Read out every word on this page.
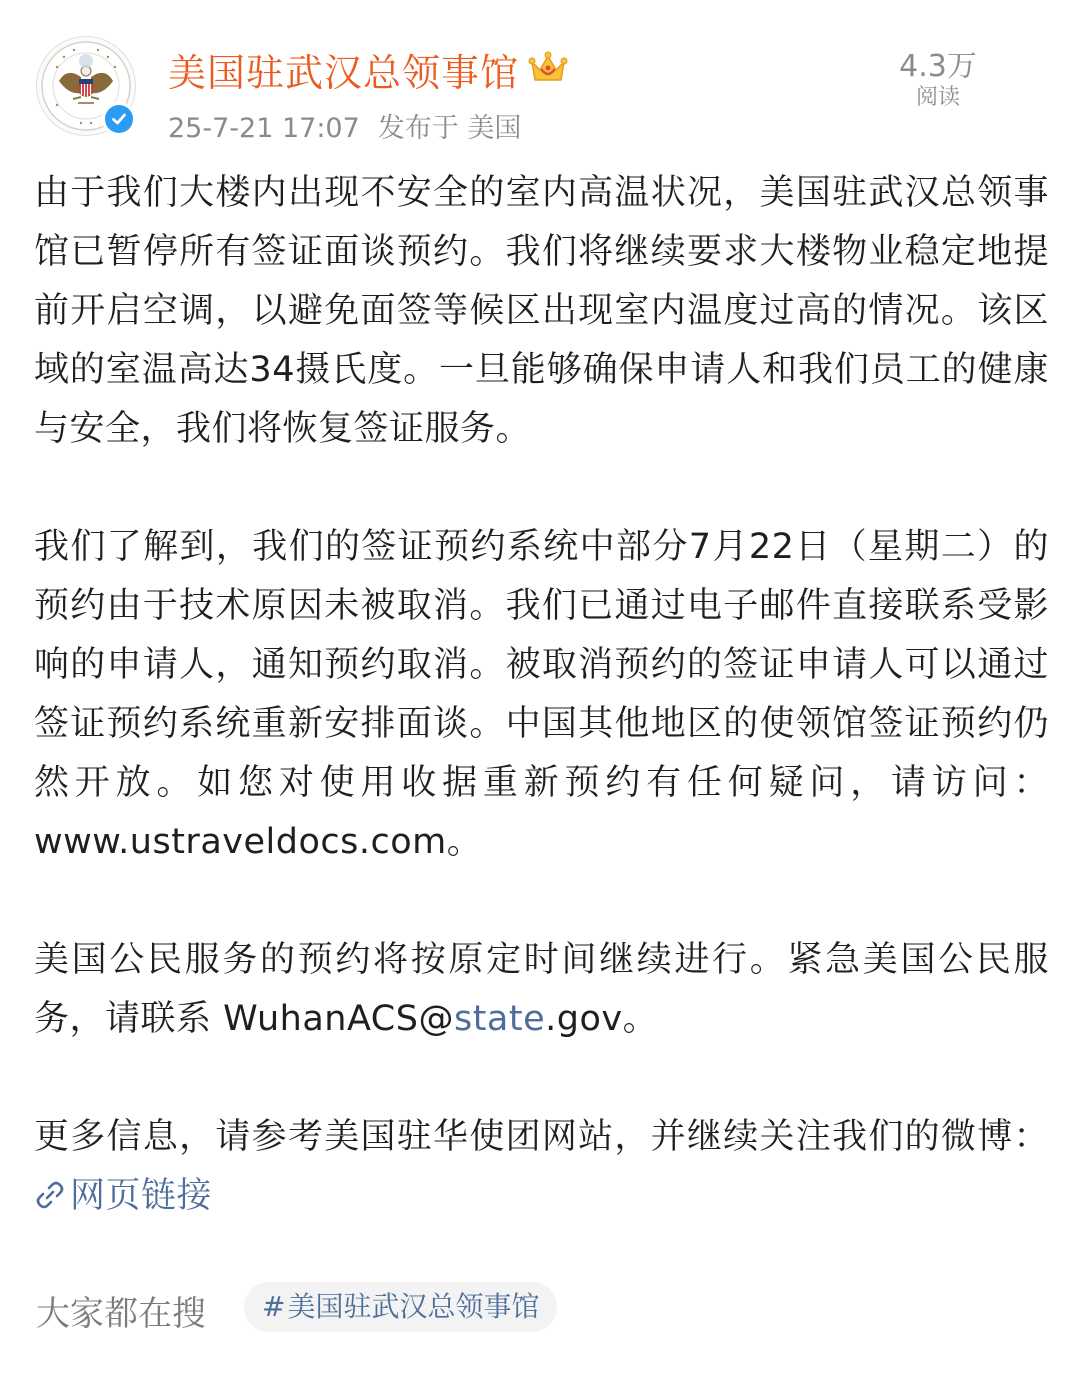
美国驻武汉总领事馆
25-7-21 17:07 发布于 美国
4.3万
阅读

由于我们大楼内出现不安全的室内高温状况，美国驻武汉总领事馆已暂停所有签证面谈预约。我们将继续要求大楼物业稳定地提前开启空调，以避免面签等候区出现室内温度过高的情况。该区域的室温高达34摄氏度。一旦能够确保申请人和我们员工的健康与安全，我们将恢复签证服务。

我们了解到，我们的签证预约系统中部分7月22日（星期二）的预约由于技术原因未被取消。我们已通过电子邮件直接联系受影响的申请人，通知预约取消。被取消预约的签证申请人可以通过签证预约系统重新安排面谈。中国其他地区的使领馆签证预约仍然开放。如您对使用收据重新预约有任何疑问，请访问：www.ustraveldocs.com。

美国公民服务的预约将按原定时间继续进行。紧急美国公民服务，请联系 WuhanACS@state.gov。

更多信息，请参考美国驻华使团网站，并继续关注我们的微博：网页链接

大家都在搜	#美国驻武汉总领事馆
